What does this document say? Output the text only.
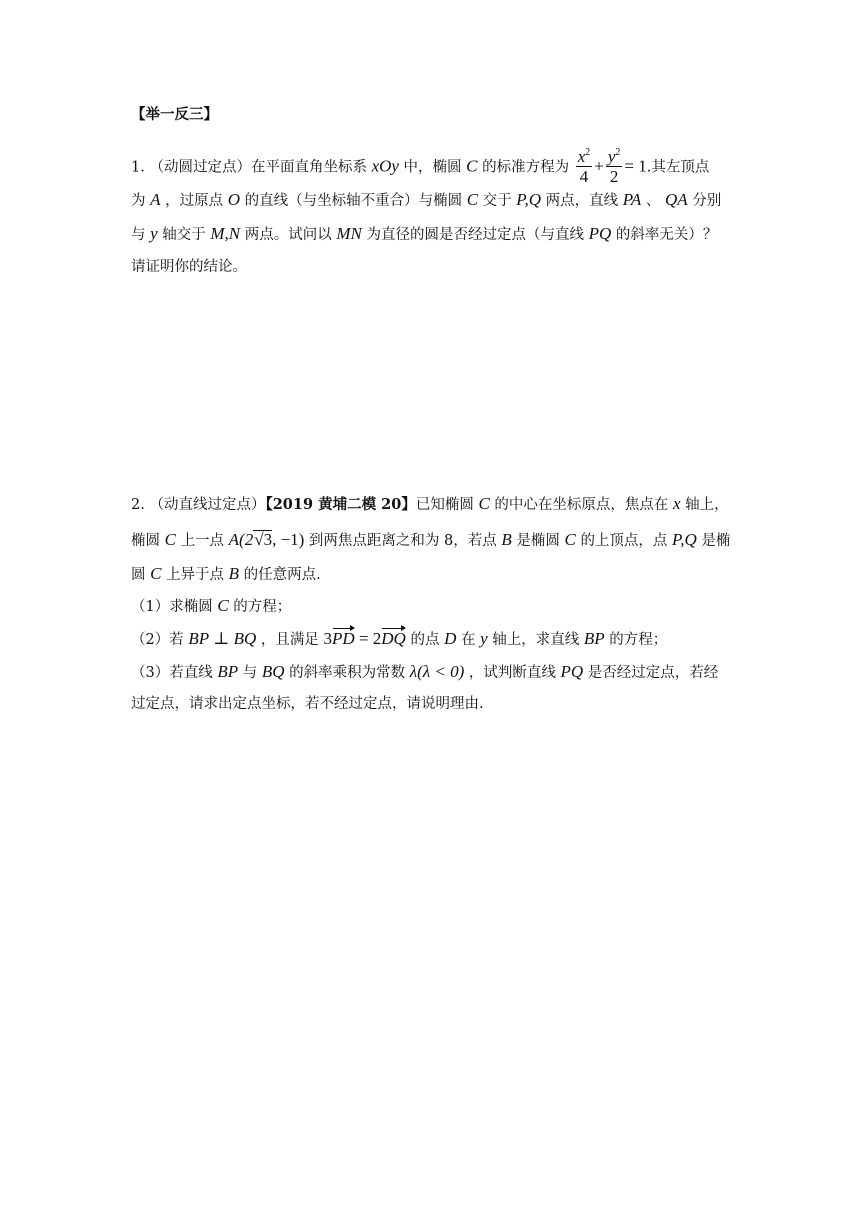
【举一反三】
1. （动圆过定点）在平面直角坐标系 xOy 中，椭圆 C 的标准方程为 $\frac{x^2}{4} + \frac{y^2}{2} = 1$.其左顶点
为 A ，过原点 O 的直线（与坐标轴不重合）与椭圆 C 交于 P,Q 两点，直线 PA 、 QA 分别
与 y 轴交于 M,N 两点。试问以 MN 为直径的圆是否经过定点（与直线 PQ 的斜率无关）？
请证明你的结论。
2. （动直线过定点）【2019 黄埔二模 20】已知椭圆 C 的中心在坐标原点，焦点在 x 轴上，
椭圆 C 上一点 A(2√3, −1) 到两焦点距离之和为 8，若点 B 是椭圆 C 的上顶点，点 P,Q 是椭
圆 C 上异于点 B 的任意两点.
（1）求椭圆 C 的方程；
（2）若 BP ⊥ BQ ，且满足 3PD = 2DQ 的点 D 在 y 轴上，求直线 BP 的方程；
（3）若直线 BP 与 BQ 的斜率乘积为常数 λ(λ < 0) ，试判断直线 PQ 是否经过定点，若经
过定点，请求出定点坐标，若不经过定点，请说明理由.
